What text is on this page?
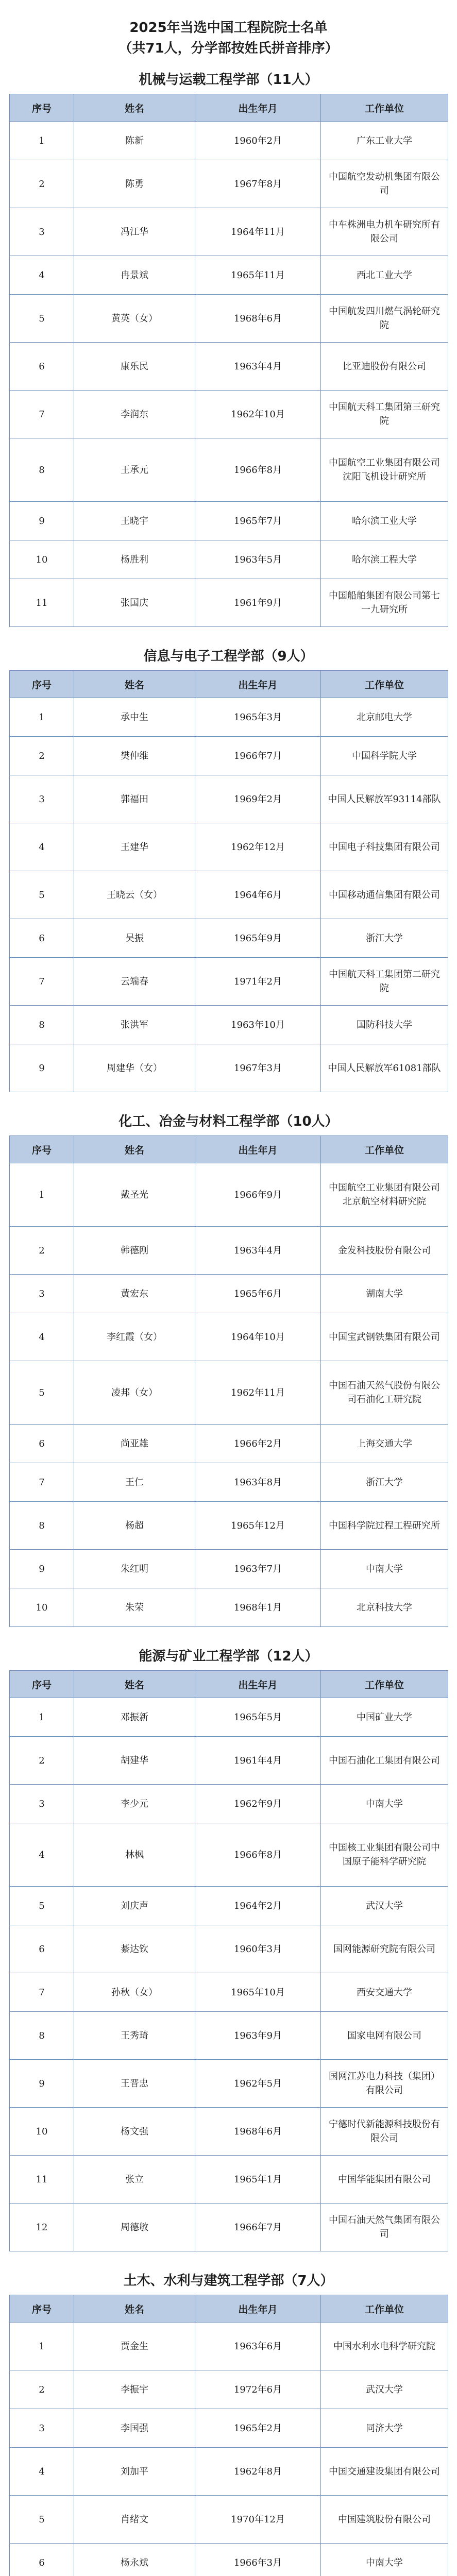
2025年当选中国工程院院士名单
（共71人，分学部按姓氏拼音排序）
机械与运载工程学部（11人）
序号	姓名	出生年月	工作单位
1	陈新	1960年2月	广东工业大学
2	陈勇	1967年8月	中国航空发动机集团有限公司
3	冯江华	1964年11月	中车株洲电力机车研究所有限公司
4	冉景斌	1965年11月	西北工业大学
5	黄英（女）	1968年6月	中国航发四川燃气涡轮研究院
6	康乐民	1963年4月	比亚迪股份有限公司
7	李润东	1962年10月	中国航天科工集团第三研究院
8	王承元	1966年8月	中国航空工业集团有限公司沈阳飞机设计研究所
9	王晓宇	1965年7月	哈尔滨工业大学
10	杨胜利	1963年5月	哈尔滨工程大学
11	张国庆	1961年9月	中国船舶集团有限公司第七一九研究所
信息与电子工程学部（9人）
序号	姓名	出生年月	工作单位
1	承中生	1965年3月	北京邮电大学
2	樊仲维	1966年7月	中国科学院大学
3	郭福田	1969年2月	中国人民解放军93114部队
4	王建华	1962年12月	中国电子科技集团有限公司
5	王晓云（女）	1964年6月	中国移动通信集团有限公司
6	吴振	1965年9月	浙江大学
7	云端春	1971年2月	中国航天科工集团第二研究院
8	张洪军	1963年10月	国防科技大学
9	周建华（女）	1967年3月	中国人民解放军61081部队
化工、冶金与材料工程学部（10人）
序号	姓名	出生年月	工作单位
1	戴圣光	1966年9月	中国航空工业集团有限公司北京航空材料研究院
2	韩德刚	1963年4月	金发科技股份有限公司
3	黄宏东	1965年6月	湖南大学
4	李红霞（女）	1964年10月	中国宝武钢铁集团有限公司
5	凌邦（女）	1962年11月	中国石油天然气股份有限公司石油化工研究院
6	尚亚雄	1966年2月	上海交通大学
7	王仁	1963年8月	浙江大学
8	杨超	1965年12月	中国科学院过程工程研究所
9	朱红明	1963年7月	中南大学
10	朱荣	1968年1月	北京科技大学
能源与矿业工程学部（12人）
序号	姓名	出生年月	工作单位
1	邓振新	1965年5月	中国矿业大学
2	胡建华	1961年4月	中国石油化工集团有限公司
3	李少元	1962年9月	中南大学
4	林枫	1966年8月	中国核工业集团有限公司中国原子能科学研究院
5	刘庆声	1964年2月	武汉大学
6	綦达钦	1960年3月	国网能源研究院有限公司
7	孙秋（女）	1965年10月	西安交通大学
8	王秀琦	1963年9月	国家电网有限公司
9	王晋忠	1962年5月	国网江苏电力科技（集团）有限公司
10	杨文强	1968年6月	宁德时代新能源科技股份有限公司
11	张立	1965年1月	中国华能集团有限公司
12	周德敏	1966年7月	中国石油天然气集团有限公司
土木、水利与建筑工程学部（7人）
序号	姓名	出生年月	工作单位
1	贾金生	1963年6月	中国水利水电科学研究院
2	李振宇	1972年6月	武汉大学
3	李国强	1965年2月	同济大学
4	刘加平	1962年8月	中国交通建设集团有限公司
5	肖绪文	1970年12月	中国建筑股份有限公司
6	杨永斌	1966年3月	中南大学
